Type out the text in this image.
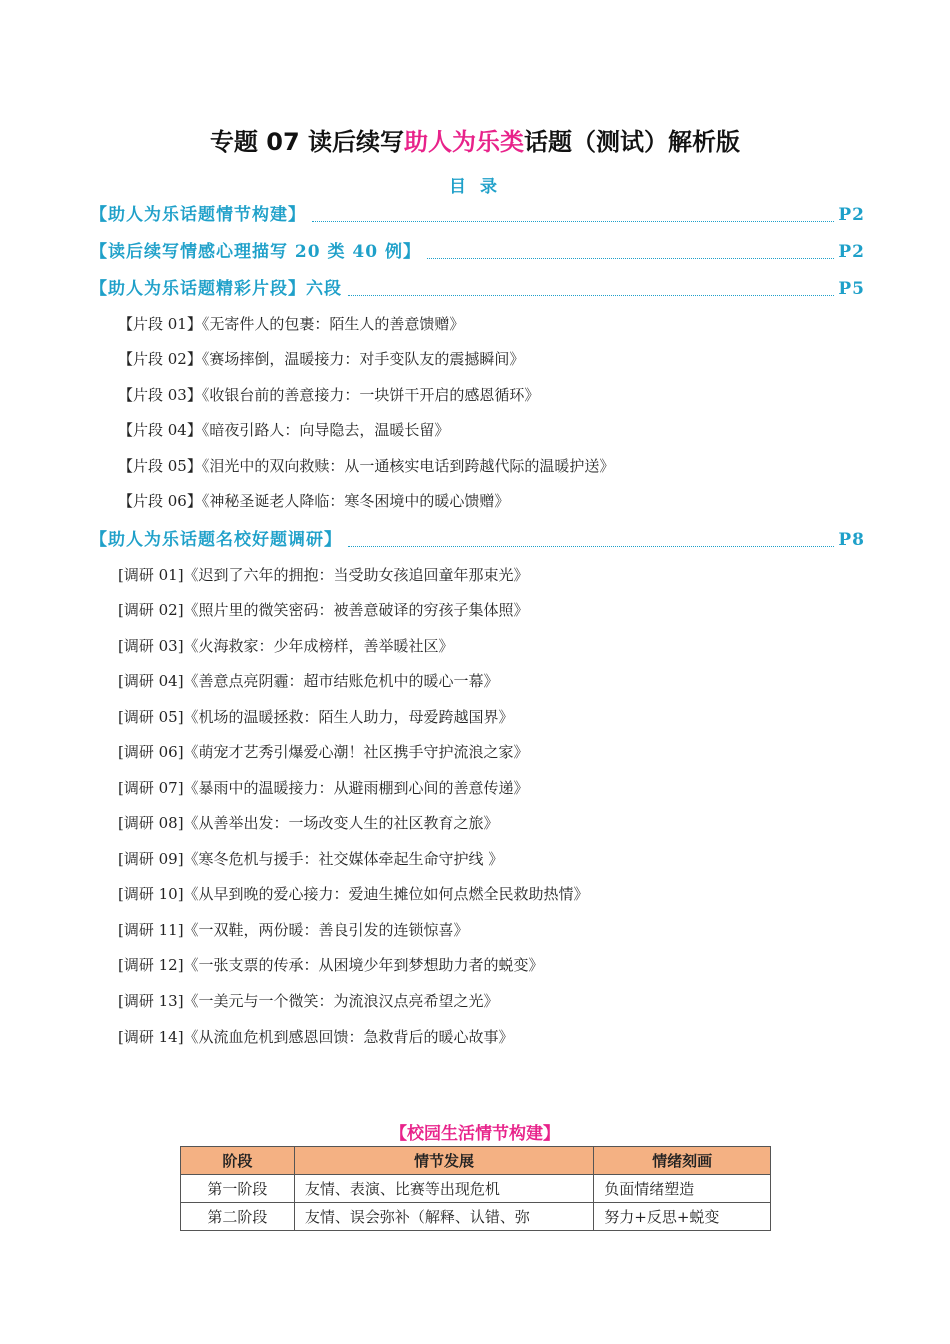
专题 07 读后续写助人为乐类话题（测试）解析版
目 录
【助人为乐话题情节构建】	P2
【读后续写情感心理描写 20 类 40 例】	P2
【助人为乐话题精彩片段】六段	P5
【片段 01】《无寄件人的包裹：陌生人的善意馈赠》
【片段 02】《赛场摔倒，温暖接力：对手变队友的震撼瞬间》
【片段 03】《收银台前的善意接力：一块饼干开启的感恩循环》
【片段 04】《暗夜引路人：向导隐去，温暖长留》
【片段 05】《泪光中的双向救赎：从一通核实电话到跨越代际的温暖护送》
【片段 06】《神秘圣诞老人降临：寒冬困境中的暖心馈赠》
【助人为乐话题名校好题调研】	P8
[调研 01]《迟到了六年的拥抱：当受助女孩追回童年那束光》
[调研 02]《照片里的微笑密码：被善意破译的穷孩子集体照》
[调研 03]《火海救家：少年成榜样，善举暖社区》
[调研 04]《善意点亮阴霾：超市结账危机中的暖心一幕》
[调研 05]《机场的温暖拯救：陌生人助力，母爱跨越国界》
[调研 06]《萌宠才艺秀引爆爱心潮！社区携手守护流浪之家》
[调研 07]《暴雨中的温暖接力：从避雨棚到心间的善意传递》
[调研 08]《从善举出发：一场改变人生的社区教育之旅》
[调研 09]《寒冬危机与援手：社交媒体牵起生命守护线 》
[调研 10]《从早到晚的爱心接力：爱迪生摊位如何点燃全民救助热情》
[调研 11]《一双鞋，两份暖：善良引发的连锁惊喜》
[调研 12]《一张支票的传承：从困境少年到梦想助力者的蜕变》
[调研 13]《一美元与一个微笑：为流浪汉点亮希望之光》
[调研 14]《从流血危机到感恩回馈：急救背后的暖心故事》
【校园生活情节构建】
阶段	情节发展	情绪刻画
第一阶段	友情、表演、比赛等出现危机	负面情绪塑造
第二阶段	友情、误会弥补（解释、认错、弥	努力+反思+蜕变
